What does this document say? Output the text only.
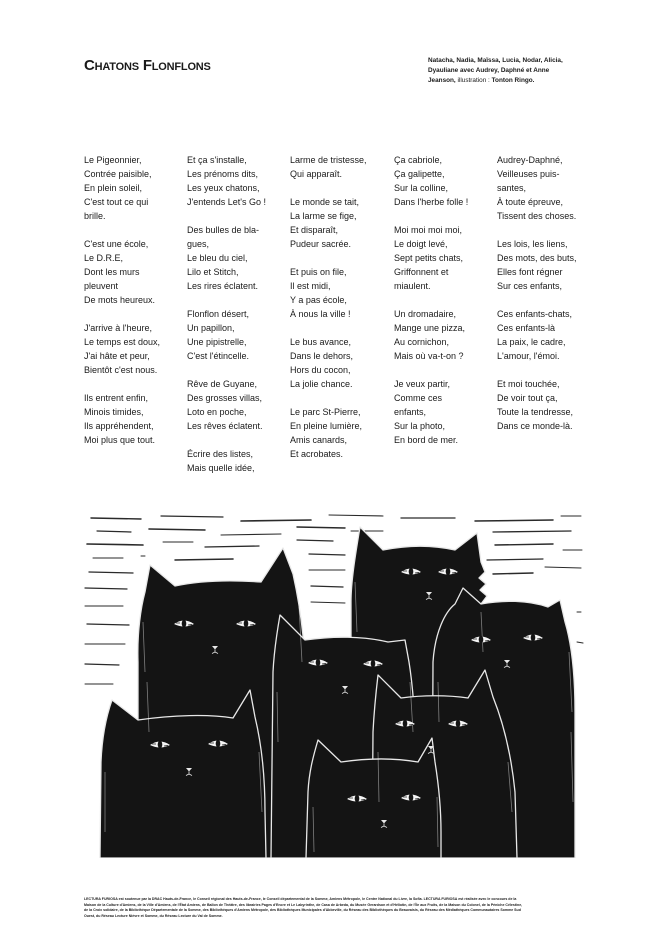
Chatons Flonflons	Natacha, Nadia, Maïssa, Lucia, Nodar, Alicia,
Dyauliane avec Audrey, Daphné et Anne
Jeanson, illustration : Tonton Ringo.
Le Pigeonnier,
Contrée paisible,
En plein soleil,
C'est tout ce qui
brille.
C'est une école,
Le D.R.E,
Dont les murs
pleuvent
De mots heureux.
J'arrive à l'heure,
Le temps est doux,
J'ai hâte et peur,
Bientôt c'est nous.
Ils entrent enfin,
Minois timides,
Ils appréhendent,
Moi plus que tout.
Et ça s'installe,
Les prénoms dits,
Les yeux chatons,
J'entends Let's Go !
Des bulles de bla-
gues,
Le bleu du ciel,
Lilo et Stitch,
Les rires éclatent.
Flonflon désert,
Un papillon,
Une pipistrelle,
C'est l'étincelle.
Rêve de Guyane,
Des grosses villas,
Loto en poche,
Les rêves éclatent.
Écrire des listes,
Mais quelle idée,
Larme de tristesse,
Qui apparaît.
Le monde se tait,
La larme se fige,
Et disparaît,
Pudeur sacrée.
Et puis on file,
Il est midi,
Y a pas école,
À nous la ville !
Le bus avance,
Dans le dehors,
Hors du cocon,
La jolie chance.
Le parc St-Pierre,
En pleine lumière,
Amis canards,
Et acrobates.
Ça cabriole,
Ça galipette,
Sur la colline,
Dans l'herbe folle !
Moi moi moi moi,
Le doigt levé,
Sept petits chats,
Griffonnent et
miaulent.
Un dromadaire,
Mange une pizza,
Au cornichon,
Mais où va-t-on ?
Je veux partir,
Comme ces
enfants,
Sur la photo,
En bord de mer.
Audrey-Daphné,
Veilleuses puis-
santes,
À toute épreuve,
Tissent des choses.
Les lois, les liens,
Des mots, des buts,
Elles font régner
Sur ces enfants,
Ces enfants-chats,
Ces enfants-là
La paix, le cadre,
L'amour, l'émoi.
Et moi touchée,
De voir tout ça,
Toute la tendresse,
Dans ce monde-là.
LECTURA FURIOSA est soutenue par la DRAC Hauts-de-France, le Conseil régional des Hauts-de-France, le Conseil départemental de la Somme, Amiens Métropole, le Centre National du Livre, la Sofia. LECTURA FURIOSA est réalisée avec le concours de la
Maison de la Culture d'Amiens, de la Ville d'Amiens, de l'État Amiens, de Ballon de Théâtre, des librairies Pages d'Encre et Le Labyrinthe, de Casa de Arbeda, du Musée Gerardson et d'Héliotin, de l'Île aux Fruits, de la Maison du Colonel, de la Péniche Célestine,
de la Croix solidaire, de la Bibliothèque Départementale de la Somme, des Bibliothèques d'Amiens Métropole, des Bibliothèques Municipales d'Abbeville, du Réseau des Bibliothèques du Beauvaisis, du Réseau des Médiathèques Communautaires Somme Sud
Ouest, du Réseau Lecture Nièvre et Somme, du Réseau Lecture du Val de Somme.
